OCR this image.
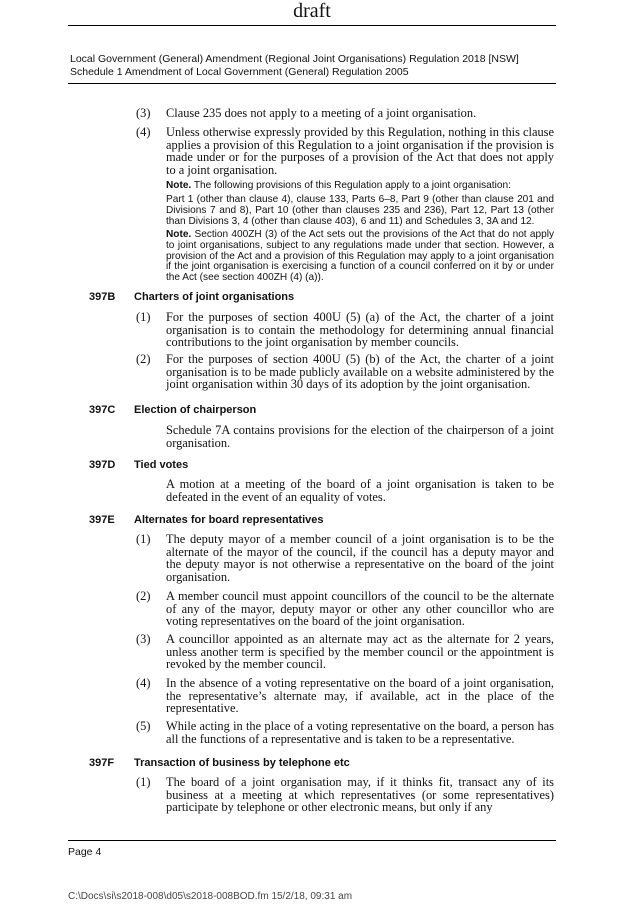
draft
Local Government (General) Amendment (Regional Joint Organisations) Regulation 2018 [NSW]
Schedule 1 Amendment of Local Government (General) Regulation 2005
(3) Clause 235 does not apply to a meeting of a joint organisation.
(4) Unless otherwise expressly provided by this Regulation, nothing in this clause applies a provision of this Regulation to a joint organisation if the provision is made under or for the purposes of a provision of the Act that does not apply to a joint organisation.
Note. The following provisions of this Regulation apply to a joint organisation:
Part 1 (other than clause 4), clause 133, Parts 6–8, Part 9 (other than clause 201 and Divisions 7 and 8), Part 10 (other than clauses 235 and 236), Part 12, Part 13 (other than Divisions 3, 4 (other than clause 403), 6 and 11) and Schedules 3, 3A and 12.
Note. Section 400ZH (3) of the Act sets out the provisions of the Act that do not apply to joint organisations, subject to any regulations made under that section. However, a provision of the Act and a provision of this Regulation may apply to a joint organisation if the joint organisation is exercising a function of a council conferred on it by or under the Act (see section 400ZH (4) (a)).
397B Charters of joint organisations
(1) For the purposes of section 400U (5) (a) of the Act, the charter of a joint organisation is to contain the methodology for determining annual financial contributions to the joint organisation by member councils.
(2) For the purposes of section 400U (5) (b) of the Act, the charter of a joint organisation is to be made publicly available on a website administered by the joint organisation within 30 days of its adoption by the joint organisation.
397C Election of chairperson
Schedule 7A contains provisions for the election of the chairperson of a joint organisation.
397D Tied votes
A motion at a meeting of the board of a joint organisation is taken to be defeated in the event of an equality of votes.
397E Alternates for board representatives
(1) The deputy mayor of a member council of a joint organisation is to be the alternate of the mayor of the council, if the council has a deputy mayor and the deputy mayor is not otherwise a representative on the board of the joint organisation.
(2) A member council must appoint councillors of the council to be the alternate of any of the mayor, deputy mayor or other any other councillor who are voting representatives on the board of the joint organisation.
(3) A councillor appointed as an alternate may act as the alternate for 2 years, unless another term is specified by the member council or the appointment is revoked by the member council.
(4) In the absence of a voting representative on the board of a joint organisation, the representative’s alternate may, if available, act in the place of the representative.
(5) While acting in the place of a voting representative on the board, a person has all the functions of a representative and is taken to be a representative.
397F Transaction of business by telephone etc
(1) The board of a joint organisation may, if it thinks fit, transact any of its business at a meeting at which representatives (or some representatives) participate by telephone or other electronic means, but only if any
Page 4
C:\Docs\si\s2018-008\d05\s2018-008BOD.fm 15/2/18, 09:31 am
